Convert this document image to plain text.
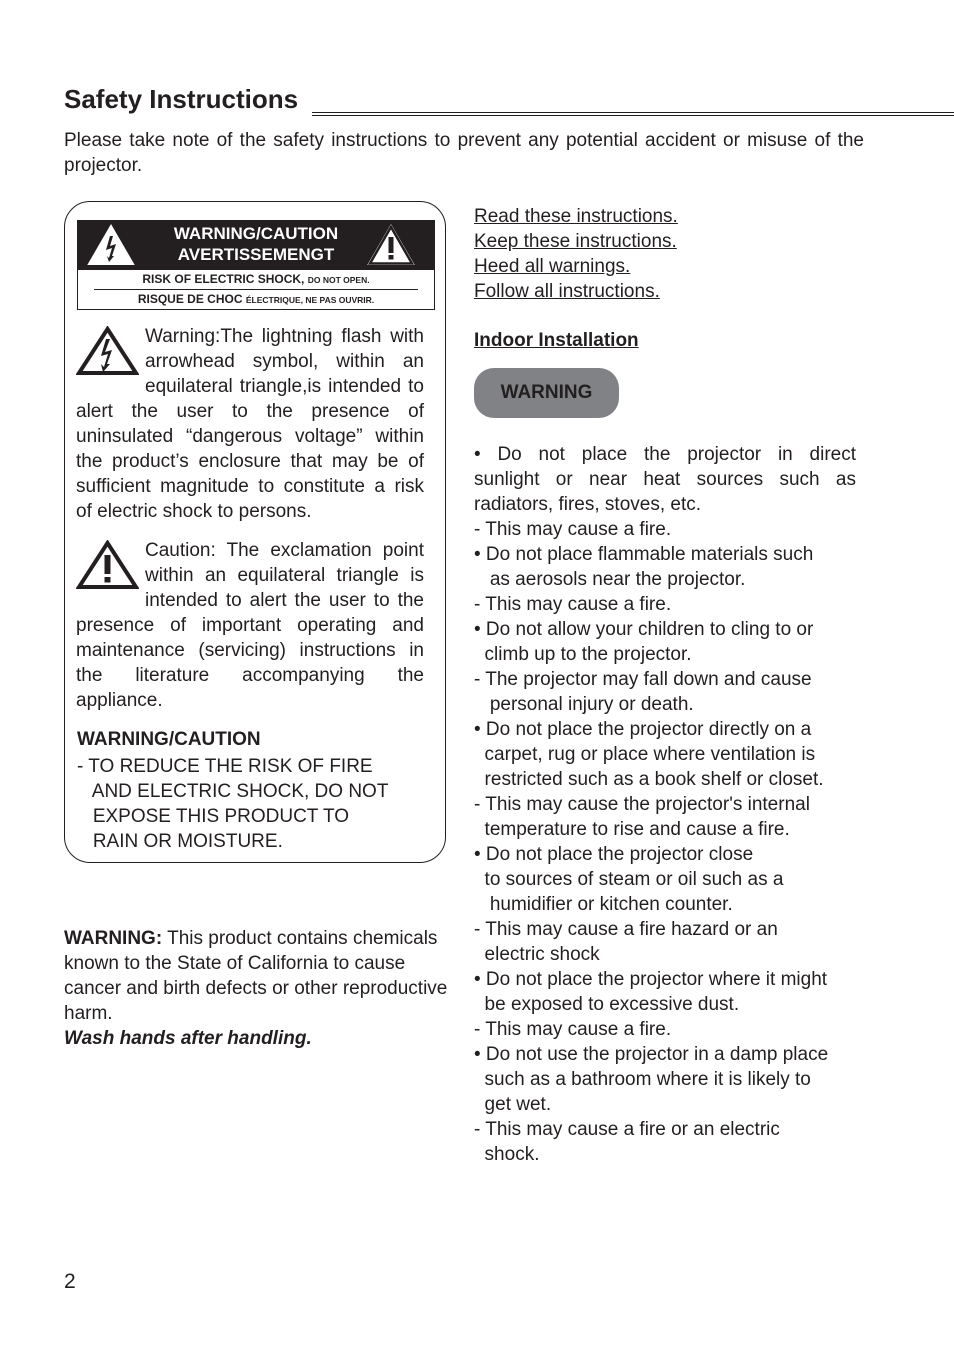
Safety Instructions

Please take note of the safety instructions to prevent any potential accident or misuse of the projector.

WARNING/CAUTION
AVERTISSEMENGT
RISK OF ELECTRIC SHOCK, DO NOT OPEN.
RISQUE DE CHOC ÉLECTRIQUE, NE PAS OUVRIR.

Warning:The lightning flash with arrowhead symbol, within an equilateral triangle,is intended to alert the user to the presence of uninsulated “dangerous voltage” within the product’s enclosure that may be of sufficient magnitude to constitute a risk of electric shock to persons.

Caution: The exclamation point within an equilateral triangle is intended to alert the user to the presence of important operating and maintenance (servicing) instructions in the literature accompanying the appliance.

WARNING/CAUTION
- TO REDUCE THE RISK OF FIRE
AND ELECTRIC SHOCK, DO NOT
EXPOSE THIS PRODUCT TO
RAIN OR MOISTURE.

WARNING: This product contains chemicals known to the State of California to cause cancer and birth defects or other reproductive harm.
Wash hands after handling.

Read these instructions.
Keep these instructions.
Heed all warnings.
Follow all instructions.
Indoor Installation
WARNING
• Do not place the projector in direct
sunlight or near heat sources such as
radiators, fires, stoves, etc.
- This may cause a fire.
• Do not place flammable materials such
as aerosols near the projector.
- This may cause a fire.
• Do not allow your children to cling to or
climb up to the projector.
- The projector may fall down and cause
personal injury or death.
• Do not place the projector directly on a
carpet, rug or place where ventilation is
restricted such as a book shelf or closet.
- This may cause the projector's internal
temperature to rise and cause a fire.
• Do not place the projector close
to sources of steam or oil such as a
humidifier or kitchen counter.
- This may cause a fire hazard or an
electric shock
• Do not place the projector where it might
be exposed to excessive dust.
- This may cause a fire.
• Do not use the projector in a damp place
such as a bathroom where it is likely to
get wet.
- This may cause a fire or an electric
shock.
2
